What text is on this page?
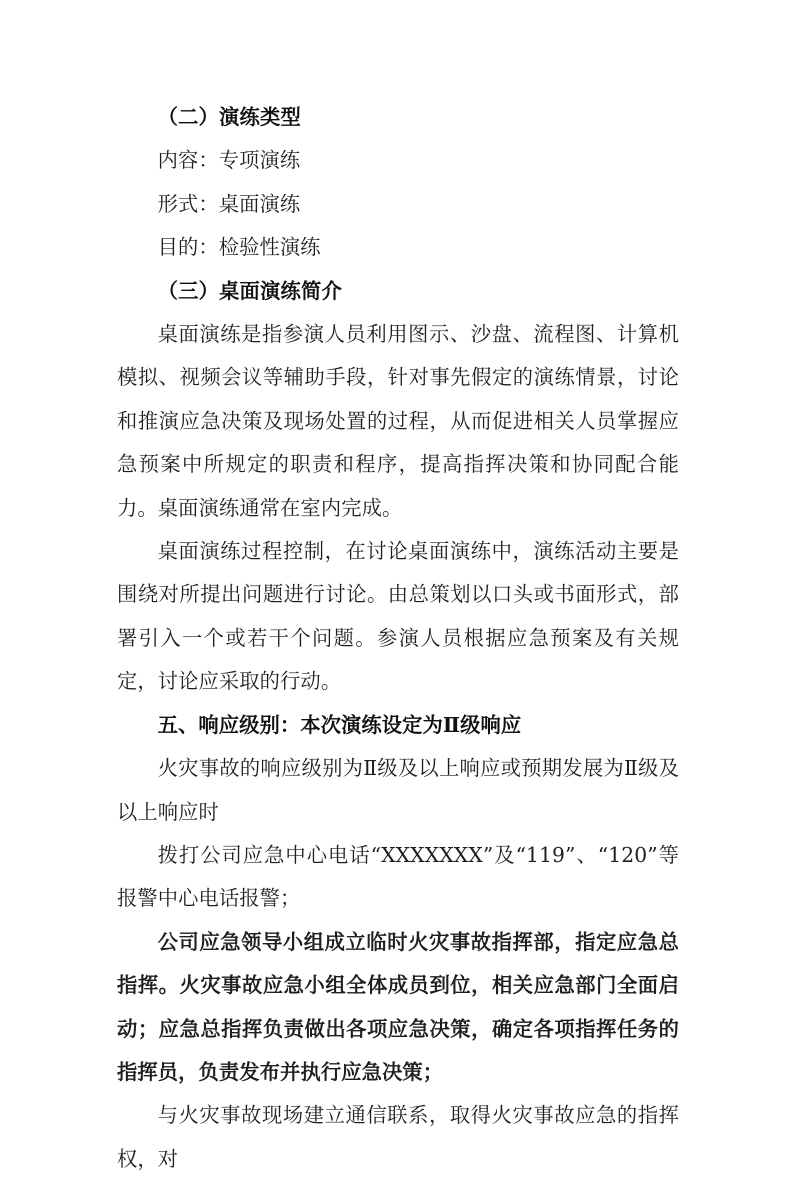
（二）演练类型

内容：专项演练

形式：桌面演练

目的：检验性演练

（三）桌面演练简介

桌面演练是指参演人员利用图示、沙盘、流程图、计算机模拟、视频会议等辅助手段，针对事先假定的演练情景，讨论和推演应急决策及现场处置的过程，从而促进相关人员掌握应急预案中所规定的职责和程序，提高指挥决策和协同配合能力。桌面演练通常在室内完成。

桌面演练过程控制，在讨论桌面演练中，演练活动主要是围绕对所提出问题进行讨论。由总策划以口头或书面形式，部署引入一个或若干个问题。参演人员根据应急预案及有关规定，讨论应采取的行动。

五、响应级别：本次演练设定为Ⅱ级响应

火灾事故的响应级别为Ⅱ级及以上响应或预期发展为Ⅱ级及以上响应时

拨打公司应急中心电话“XXXXXXX”及“119”、“120”等报警中心电话报警；

公司应急领导小组成立临时火灾事故指挥部，指定应急总指挥。火灾事故应急小组全体成员到位，相关应急部门全面启动；应急总指挥负责做出各项应急决策，确定各项指挥任务的指挥员，负责发布并执行应急决策；

与火灾事故现场建立通信联系，取得火灾事故应急的指挥权，对
